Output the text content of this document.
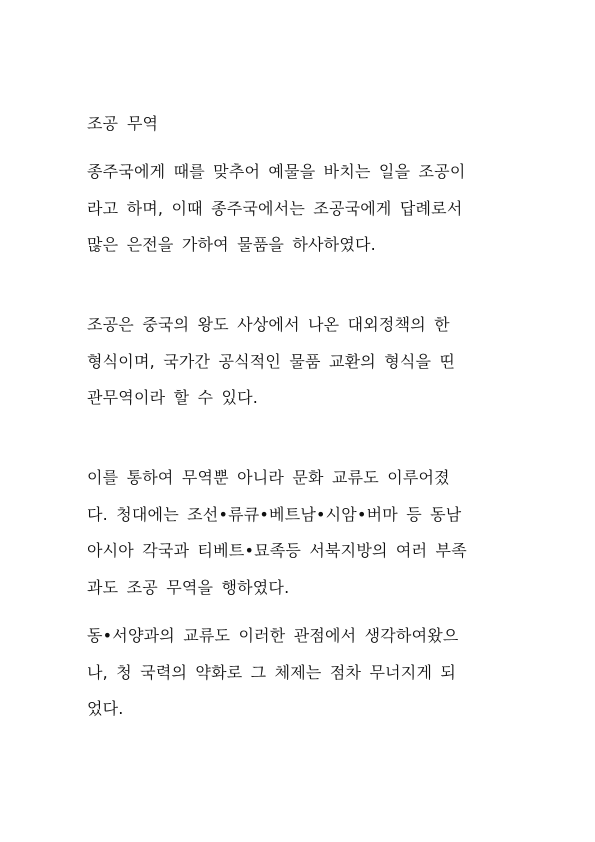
조공 무역
종주국에게 때를 맞추어 예물을 바치는 일을 조공이
라고 하며, 이때 종주국에서는 조공국에게 답례로서
많은 은전을 가하여 물품을 하사하였다.
조공은 중국의 왕도 사상에서 나온 대외정책의 한
형식이며, 국가간 공식적인 물품 교환의 형식을 띤
관무역이라 할 수 있다.
이를 통하여 무역뿐 아니라 문화 교류도 이루어졌
다. 청대에는 조선•류큐•베트남•시암•버마 등 동남
아시아 각국과 티베트•묘족등 서북지방의 여러 부족
과도 조공 무역을 행하였다.
동•서양과의 교류도 이러한 관점에서 생각하여왔으
나, 청 국력의 약화로 그 체제는 점차 무너지게 되
었다.
